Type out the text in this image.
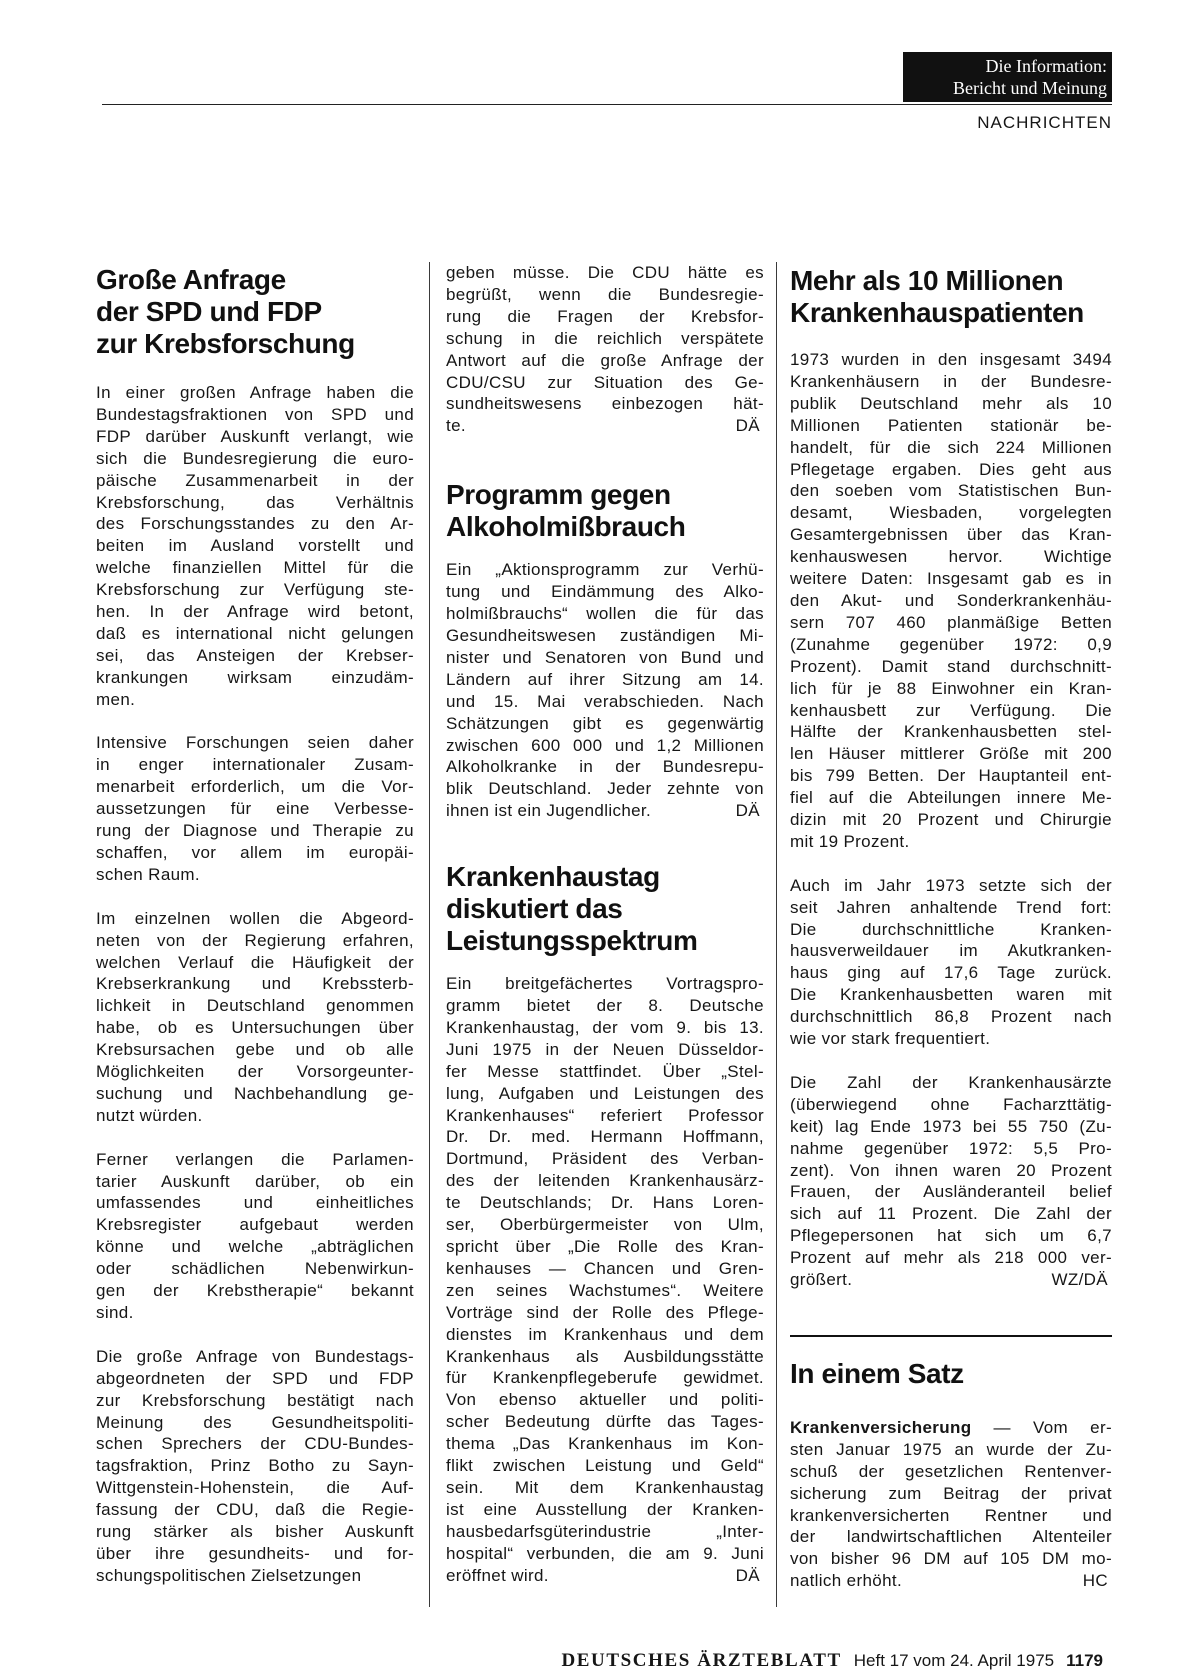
Die Information:
Bericht und Meinung
NACHRICHTEN
Große Anfrage
der SPD und FDP
zur Krebsforschung
In einer großen Anfrage haben die
Bundestagsfraktionen von SPD und
FDP darüber Auskunft verlangt, wie
sich die Bundesregierung die euro-
päische Zusammenarbeit in der
Krebsforschung, das Verhältnis
des Forschungsstandes zu den Ar-
beiten im Ausland vorstellt und
welche finanziellen Mittel für die
Krebsforschung zur Verfügung ste-
hen. In der Anfrage wird betont,
daß es international nicht gelungen
sei, das Ansteigen der Krebser-
krankungen wirksam einzudäm-
men.
Intensive Forschungen seien daher
in enger internationaler Zusam-
menarbeit erforderlich, um die Vor-
aussetzungen für eine Verbesse-
rung der Diagnose und Therapie zu
schaffen, vor allem im europäi-
schen Raum.
Im einzelnen wollen die Abgeord-
neten von der Regierung erfahren,
welchen Verlauf die Häufigkeit der
Krebserkrankung und Krebssterb-
lichkeit in Deutschland genommen
habe, ob es Untersuchungen über
Krebsursachen gebe und ob alle
Möglichkeiten der Vorsorgeunter-
suchung und Nachbehandlung ge-
nutzt würden.
Ferner verlangen die Parlamen-
tarier Auskunft darüber, ob ein
umfassendes und einheitliches
Krebsregister aufgebaut werden
könne und welche „abträglichen
oder schädlichen Nebenwirkun-
gen der Krebstherapie“ bekannt
sind.
Die große Anfrage von Bundestags-
abgeordneten der SPD und FDP
zur Krebsforschung bestätigt nach
Meinung des Gesundheitspoliti-
schen Sprechers der CDU-Bundes-
tagsfraktion, Prinz Botho zu Sayn-
Wittgenstein-Hohenstein, die Auf-
fassung der CDU, daß die Regie-
rung stärker als bisher Auskunft
über ihre gesundheits- und for-
schungspolitischen Zielsetzungen
geben müsse. Die CDU hätte es
begrüßt, wenn die Bundesregie-
rung die Fragen der Krebsfor-
schung in die reichlich verspätete
Antwort auf die große Anfrage der
CDU/CSU zur Situation des Ge-
sundheitswesens einbezogen hät-
te.	DÄ
Programm gegen
Alkoholmißbrauch
Ein „Aktionsprogramm zur Verhü-
tung und Eindämmung des Alko-
holmißbrauchs“ wollen die für das
Gesundheitswesen zuständigen Mi-
nister und Senatoren von Bund und
Ländern auf ihrer Sitzung am 14.
und 15. Mai verabschieden. Nach
Schätzungen gibt es gegenwärtig
zwischen 600 000 und 1,2 Millionen
Alkoholkranke in der Bundesrepu-
blik Deutschland. Jeder zehnte von
ihnen ist ein Jugendlicher.	DÄ
Krankenhaustag
diskutiert das
Leistungsspektrum
Ein breitgefächertes Vortragspro-
gramm bietet der 8. Deutsche
Krankenhaustag, der vom 9. bis 13.
Juni 1975 in der Neuen Düsseldor-
fer Messe stattfindet. Über „Stel-
lung, Aufgaben und Leistungen des
Krankenhauses“ referiert Professor
Dr. Dr. med. Hermann Hoffmann,
Dortmund, Präsident des Verban-
des der leitenden Krankenhausärz-
te Deutschlands; Dr. Hans Loren-
ser, Oberbürgermeister von Ulm,
spricht über „Die Rolle des Kran-
kenhauses — Chancen und Gren-
zen seines Wachstumes“. Weitere
Vorträge sind der Rolle des Pflege-
dienstes im Krankenhaus und dem
Krankenhaus als Ausbildungsstätte
für Krankenpflegeberufe gewidmet.
Von ebenso aktueller und politi-
scher Bedeutung dürfte das Tages-
thema „Das Krankenhaus im Kon-
flikt zwischen Leistung und Geld“
sein. Mit dem Krankenhaustag
ist eine Ausstellung der Kranken-
hausbedarfsgüterindustrie „Inter-
hospital“ verbunden, die am 9. Juni
eröffnet wird.	DÄ
Mehr als 10 Millionen
Krankenhauspatienten
1973 wurden in den insgesamt 3494
Krankenhäusern in der Bundesre-
publik Deutschland mehr als 10
Millionen Patienten stationär be-
handelt, für die sich 224 Millionen
Pflegetage ergaben. Dies geht aus
den soeben vom Statistischen Bun-
desamt, Wiesbaden, vorgelegten
Gesamtergebnissen über das Kran-
kenhauswesen hervor. Wichtige
weitere Daten: Insgesamt gab es in
den Akut- und Sonderkrankenhäu-
sern 707 460 planmäßige Betten
(Zunahme gegenüber 1972: 0,9
Prozent). Damit stand durchschnitt-
lich für je 88 Einwohner ein Kran-
kenhausbett zur Verfügung. Die
Hälfte der Krankenhausbetten stel-
len Häuser mittlerer Größe mit 200
bis 799 Betten. Der Hauptanteil ent-
fiel auf die Abteilungen innere Me-
dizin mit 20 Prozent und Chirurgie
mit 19 Prozent.
Auch im Jahr 1973 setzte sich der
seit Jahren anhaltende Trend fort:
Die durchschnittliche Kranken-
hausverweildauer im Akutkranken-
haus ging auf 17,6 Tage zurück.
Die Krankenhausbetten waren mit
durchschnittlich 86,8 Prozent nach
wie vor stark frequentiert.
Die Zahl der Krankenhausärzte
(überwiegend ohne Facharzttätig-
keit) lag Ende 1973 bei 55 750 (Zu-
nahme gegenüber 1972: 5,5 Pro-
zent). Von ihnen waren 20 Prozent
Frauen, der Ausländeranteil belief
sich auf 11 Prozent. Die Zahl der
Pflegepersonen hat sich um 6,7
Prozent auf mehr als 218 000 ver-
größert.	WZ/DÄ
In einem Satz
Krankenversicherung — Vom er-
sten Januar 1975 an wurde der Zu-
schuß der gesetzlichen Rentenver-
sicherung zum Beitrag der privat
krankenversicherten Rentner und
der landwirtschaftlichen Altenteiler
von bisher 96 DM auf 105 DM mo-
natlich erhöht.	HC
DEUTSCHES ÄRZTEBLATT Heft 17 vom 24. April 1975 1179
